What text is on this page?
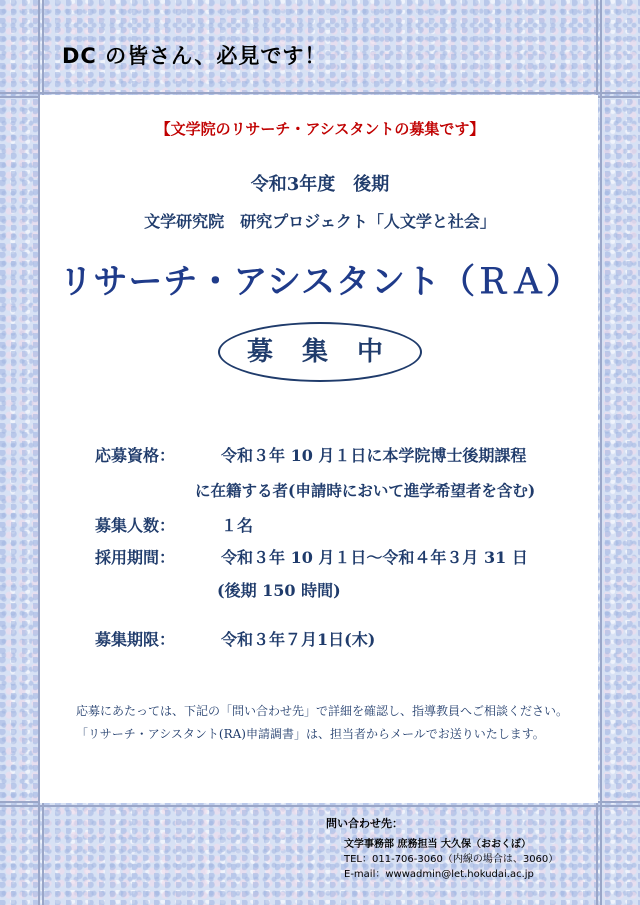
DC の皆さん、必見です！
【文学院のリサーチ・アシスタントの募集です】
令和3年度　後期
文学研究院　研究プロジェクト「人文学と社会」
リサーチ・アシスタント（ＲＡ）
募 集 中
応募資格：	令和３年 10 月１日に本学院博士後期課程
に在籍する者(申請時において進学希望者を含む)
募集人数：	１名
採用期間：	令和３年 10 月１日～令和４年３月 31 日
(後期 150 時間)
募集期限：	令和３年７月1日(木)
応募にあたっては、下記の「問い合わせ先」で詳細を確認し、指導教員へご相談ください。「リサーチ・アシスタント(RA)申請調書」は、担当者からメールでお送りいたします。
問い合わせ先：
文学事務部 庶務担当 大久保（おおくぼ）
TEL：011-706-3060（内線の場合は、3060）
E-mail：wwwadmin@let.hokudai.ac.jp
